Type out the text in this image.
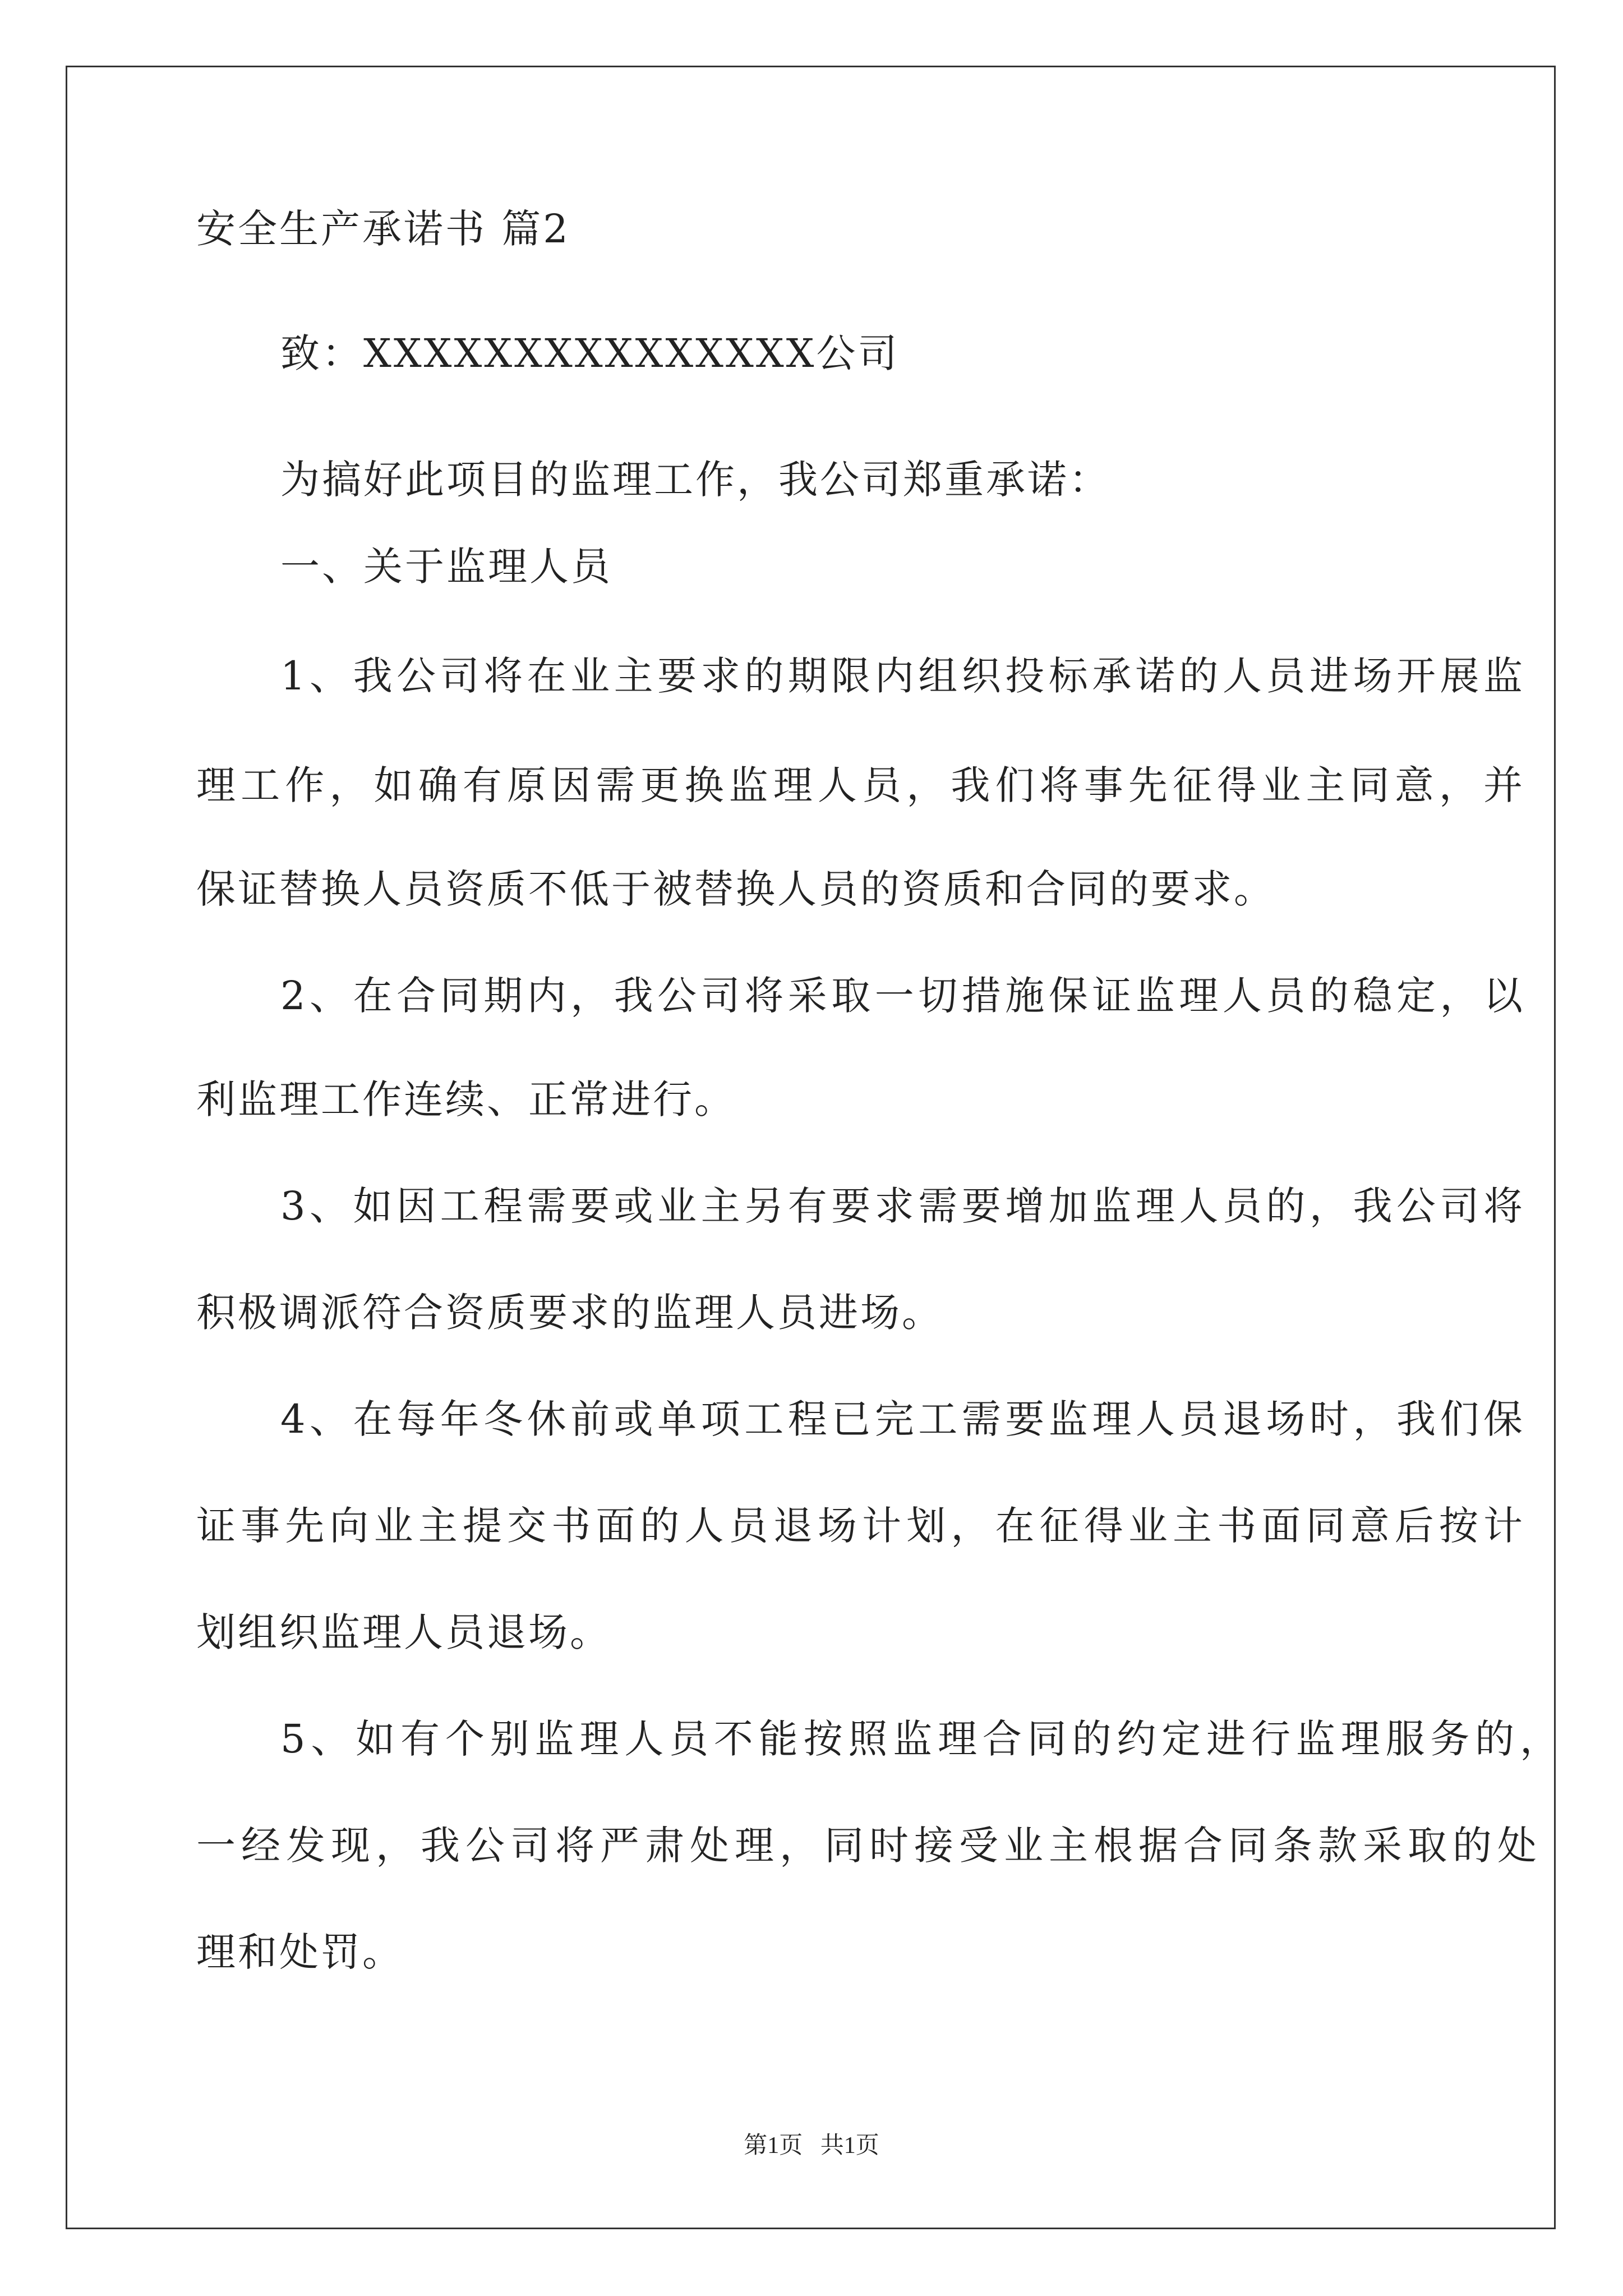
安全生产承诺书 篇2
致：XXXXXXXXXXXXXXX公司
为搞好此项目的监理工作，我公司郑重承诺：
一、关于监理人员
1、我公司将在业主要求的期限内组织投标承诺的人员进场开展监
理工作，如确有原因需更换监理人员，我们将事先征得业主同意，并
保证替换人员资质不低于被替换人员的资质和合同的要求。
2、在合同期内，我公司将采取一切措施保证监理人员的稳定，以
利监理工作连续、正常进行。
3、如因工程需要或业主另有要求需要增加监理人员的，我公司将
积极调派符合资质要求的监理人员进场。
4、在每年冬休前或单项工程已完工需要监理人员退场时，我们保
证事先向业主提交书面的人员退场计划，在征得业主书面同意后按计
划组织监理人员退场。
5、如有个别监理人员不能按照监理合同的约定进行监理服务的，
一经发现，我公司将严肃处理，同时接受业主根据合同条款采取的处
理和处罚。
第1页   共1页
